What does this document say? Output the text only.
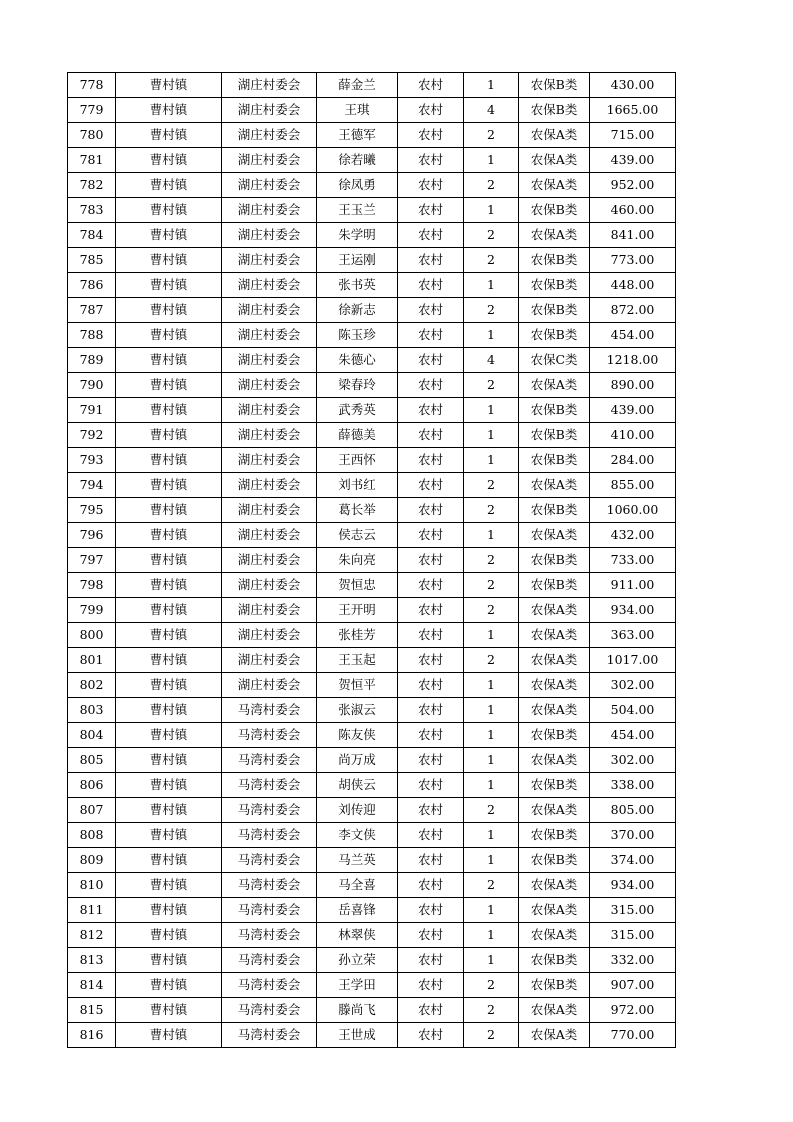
778	曹村镇	湖庄村委会	薛金兰	农村	1	农保B类	430.00
779	曹村镇	湖庄村委会	王琪	农村	4	农保B类	1665.00
780	曹村镇	湖庄村委会	王德军	农村	2	农保A类	715.00
781	曹村镇	湖庄村委会	徐若曦	农村	1	农保A类	439.00
782	曹村镇	湖庄村委会	徐凤勇	农村	2	农保A类	952.00
783	曹村镇	湖庄村委会	王玉兰	农村	1	农保B类	460.00
784	曹村镇	湖庄村委会	朱学明	农村	2	农保A类	841.00
785	曹村镇	湖庄村委会	王运刚	农村	2	农保B类	773.00
786	曹村镇	湖庄村委会	张书英	农村	1	农保B类	448.00
787	曹村镇	湖庄村委会	徐新志	农村	2	农保B类	872.00
788	曹村镇	湖庄村委会	陈玉珍	农村	1	农保B类	454.00
789	曹村镇	湖庄村委会	朱德心	农村	4	农保C类	1218.00
790	曹村镇	湖庄村委会	梁春玲	农村	2	农保A类	890.00
791	曹村镇	湖庄村委会	武秀英	农村	1	农保B类	439.00
792	曹村镇	湖庄村委会	薛德美	农村	1	农保B类	410.00
793	曹村镇	湖庄村委会	王西怀	农村	1	农保B类	284.00
794	曹村镇	湖庄村委会	刘书红	农村	2	农保A类	855.00
795	曹村镇	湖庄村委会	葛长举	农村	2	农保B类	1060.00
796	曹村镇	湖庄村委会	侯志云	农村	1	农保A类	432.00
797	曹村镇	湖庄村委会	朱向亮	农村	2	农保B类	733.00
798	曹村镇	湖庄村委会	贺恒忠	农村	2	农保B类	911.00
799	曹村镇	湖庄村委会	王开明	农村	2	农保A类	934.00
800	曹村镇	湖庄村委会	张桂芳	农村	1	农保A类	363.00
801	曹村镇	湖庄村委会	王玉起	农村	2	农保A类	1017.00
802	曹村镇	湖庄村委会	贺恒平	农村	1	农保A类	302.00
803	曹村镇	马湾村委会	张淑云	农村	1	农保A类	504.00
804	曹村镇	马湾村委会	陈友侠	农村	1	农保B类	454.00
805	曹村镇	马湾村委会	尚万成	农村	1	农保A类	302.00
806	曹村镇	马湾村委会	胡侠云	农村	1	农保B类	338.00
807	曹村镇	马湾村委会	刘传迎	农村	2	农保A类	805.00
808	曹村镇	马湾村委会	李文侠	农村	1	农保B类	370.00
809	曹村镇	马湾村委会	马兰英	农村	1	农保B类	374.00
810	曹村镇	马湾村委会	马全喜	农村	2	农保A类	934.00
811	曹村镇	马湾村委会	岳喜锋	农村	1	农保A类	315.00
812	曹村镇	马湾村委会	林翠侠	农村	1	农保A类	315.00
813	曹村镇	马湾村委会	孙立荣	农村	1	农保B类	332.00
814	曹村镇	马湾村委会	王学田	农村	2	农保B类	907.00
815	曹村镇	马湾村委会	滕尚飞	农村	2	农保A类	972.00
816	曹村镇	马湾村委会	王世成	农村	2	农保A类	770.00
